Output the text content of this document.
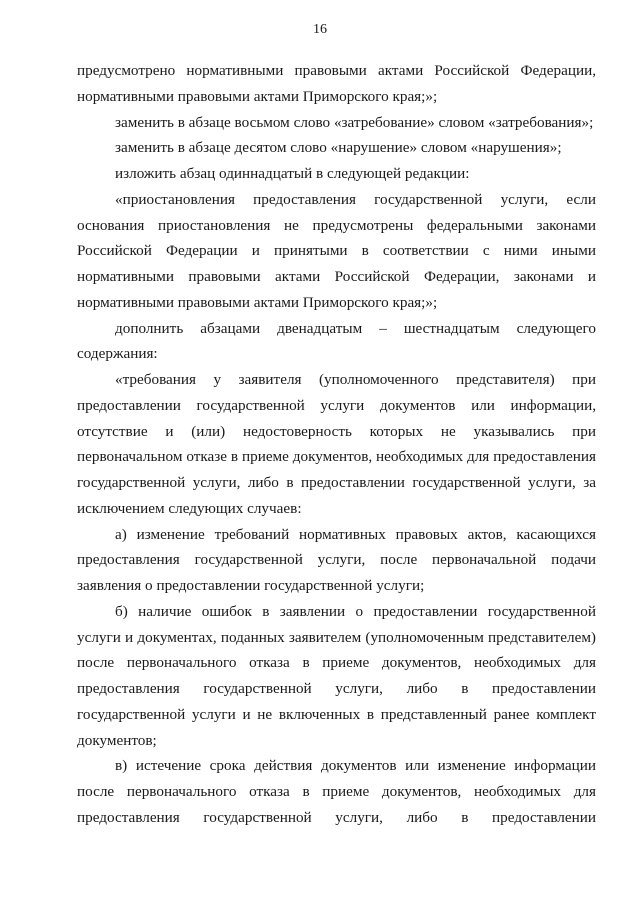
16

предусмотрено нормативными правовыми актами Российской Федерации, нормативными правовыми актами Приморского края;»;

заменить в абзаце восьмом слово «затребование» словом «затребования»;

заменить в абзаце десятом слово «нарушение» словом «нарушения»;

изложить абзац одиннадцатый в следующей редакции:

«приостановления предоставления государственной услуги, если основания приостановления не предусмотрены федеральными законами Российской Федерации и принятыми в соответствии с ними иными нормативными правовыми актами Российской Федерации, законами и нормативными правовыми актами Приморского края;»;

дополнить абзацами двенадцатым – шестнадцатым следующего содержания:

«требования у заявителя (уполномоченного представителя) при предоставлении государственной услуги документов или информации, отсутствие и (или) недостоверность которых не указывались при первоначальном отказе в приеме документов, необходимых для предоставления государственной услуги, либо в предоставлении государственной услуги, за исключением следующих случаев:

а) изменение требований нормативных правовых актов, касающихся предоставления государственной услуги, после первоначальной подачи заявления о предоставлении государственной услуги;

б) наличие ошибок в заявлении о предоставлении государственной услуги и документах, поданных заявителем (уполномоченным представителем) после первоначального отказа в приеме документов, необходимых для предоставления государственной услуги, либо в предоставлении государственной услуги и не включенных в представленный ранее комплект документов;

в) истечение срока действия документов или изменение информации после первоначального отказа в приеме документов, необходимых для предоставления государственной услуги, либо в предоставлении
